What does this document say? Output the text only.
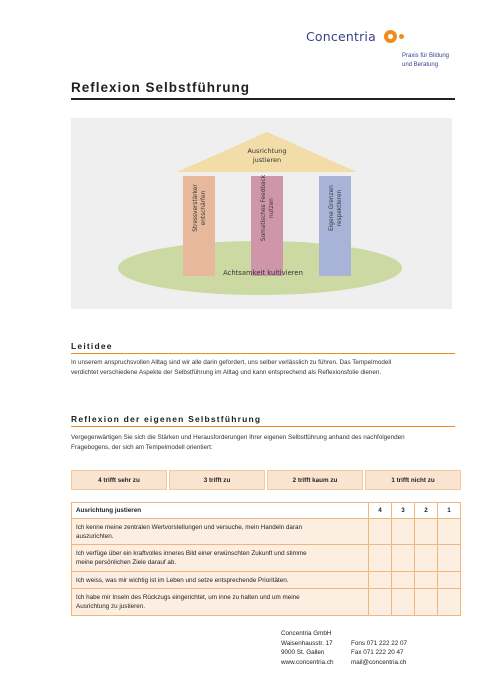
Concentria
Praxis für Bildung
und Beratung
Reflexion Selbstführung
Ausrichtung
justieren
Stressverstärker entschärfen	Somatisches Feedback nutzen	Eigene Grenzen respektieren
Achtsamkeit kultivieren
Leitidee
In unserem anspruchsvollen Alltag sind wir alle darin gefordert, uns selber verlässlich zu führen. Das Tempelmodell
verdichtet verschiedene Aspekte der Selbstführung im Alltag und kann entsprechend als Reflexionsfolie dienen.
Reflexion der eigenen Selbstführung
Vergegenwärtigen Sie sich die Stärken und Herausforderungen Ihrer eigenen Selbstführung anhand des nachfolgenden
Fragebogens, der sich am Tempelmodell orientiert:
4 trifft sehr zu	3 trifft zu	2 trifft kaum zu	1 trifft nicht zu
Ausrichtung justieren	4	3	2	1

Ich kenne meine zentralen Wertvorstellungen und versuche, mein Handeln daran
auszurichten.				

Ich verfüge über ein kraftvolles inneres Bild einer erwünschten Zukunft und stimme
meine persönlichen Ziele darauf ab.				

Ich weiss, was mir wichtig ist im Leben und setze entsprechende Prioritäten.				

Ich habe mir Inseln des Rückzugs eingerichtet, um inne zu halten und um meine
Ausrichtung zu justieren.				

Concentria GmbH
Waisenhausstr. 17
9000 St. Gallen
www.concentria.ch
Fons 071 222 22 07
Fax 071 222 20 47
mail@concentria.ch
